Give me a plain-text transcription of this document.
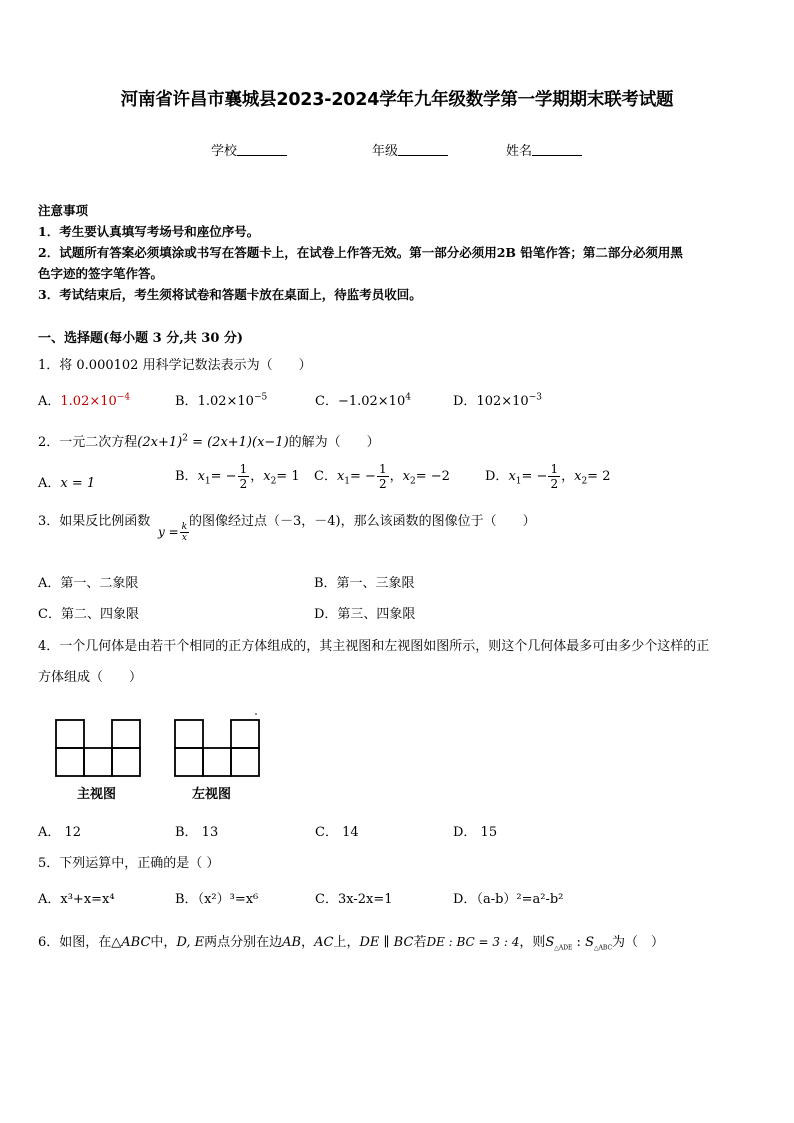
河南省许昌市襄城县2023-2024学年九年级数学第一学期期末联考试题
学校	年级	姓名
注意事项
1．考生要认真填写考场号和座位序号。
2．试题所有答案必须填涂或书写在答题卡上，在试卷上作答无效。第一部分必须用2B 铅笔作答；第二部分必须用黑
色字迹的签字笔作答。
3．考试结束后，考生须将试卷和答题卡放在桌面上，待监考员收回。
一、选择题(每小题 3 分,共 30 分)
1．将 0.000102 用科学记数法表示为（　　）
A．$1.02\times 10^{-4}$	B．$1.02\times 10^{-5}$	C．$-1.02\times 10^4$	D．$102\times 10^{-3}$
2．一元二次方程$(2x+1)^2 = (2x+1)(x-1)$的解为（　　）
A．x = 1	B．$x_1= - \frac{1}{2}$ ，$x_2= 1$ C．$x_1= - \frac{1}{2}$ ，$x_2= -2$	D．$x_1= - \frac{1}{2}$ ，$x_2= 2$
3．如果反比例函数
$y = \frac{k}{x}$
的图像经过点（－3，－4)，那么该函数的图像位于（　　）
A．第一、二象限	B．第一、三象限
C．第二、四象限	D．第三、四象限
4．一个几何体是由若干个相同的正方体组成的，其主视图和左视图如图所示，则这个几何体最多可由多少个这样的正
方体组成（　　）
主视图	左视图
A． 12	B． 13	C． 14	D． 15
5．下列运算中，正确的是（ ）
A．x³+x=x⁴	B．（x²）³=x⁶	C．3x-2x=1	D．（a-b）²=a²-b²
6．如图，在△ABC中，D, E两点分别在边AB，AC上，DE ∥ BC若DE : BC = 3 : 4，则$S_{\triangle ADE}$ : $S_{\triangle ABC}$为（　）
